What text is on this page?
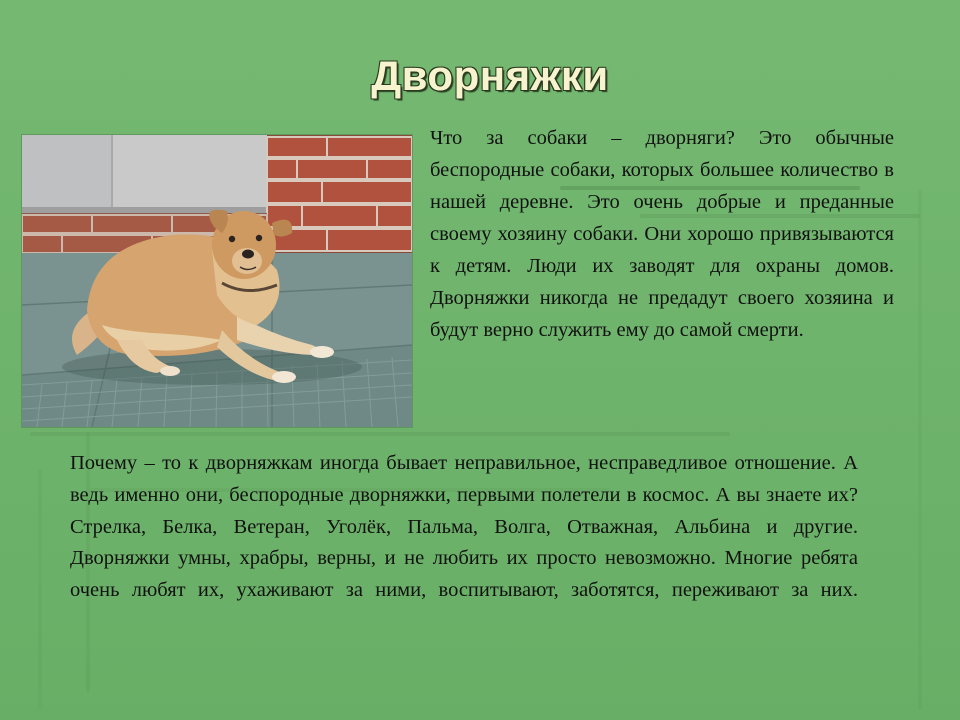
Дворняжки
Что за собаки – дворняги? Это обычные беспородные собаки, которых большее количество в нашей деревне. Это очень добрые и преданные своему хозяину собаки. Они хорошо привязываются к детям. Люди их заводят для охраны домов. Дворняжки никогда не предадут своего хозяина и будут верно служить ему до самой смерти.
Почему – то к дворняжкам иногда бывает неправильное, несправедливое отношение. А ведь именно они, беспородные дворняжки, первыми полетели в космос. А вы знаете их? Стрелка, Белка, Ветеран, Уголёк, Пальма, Волга, Отважная, Альбина и другие. Дворняжки умны, храбры, верны, и не любить их просто невозможно. Многие ребята очень любят их, ухаживают за ними, воспитывают, заботятся, переживают за них.
